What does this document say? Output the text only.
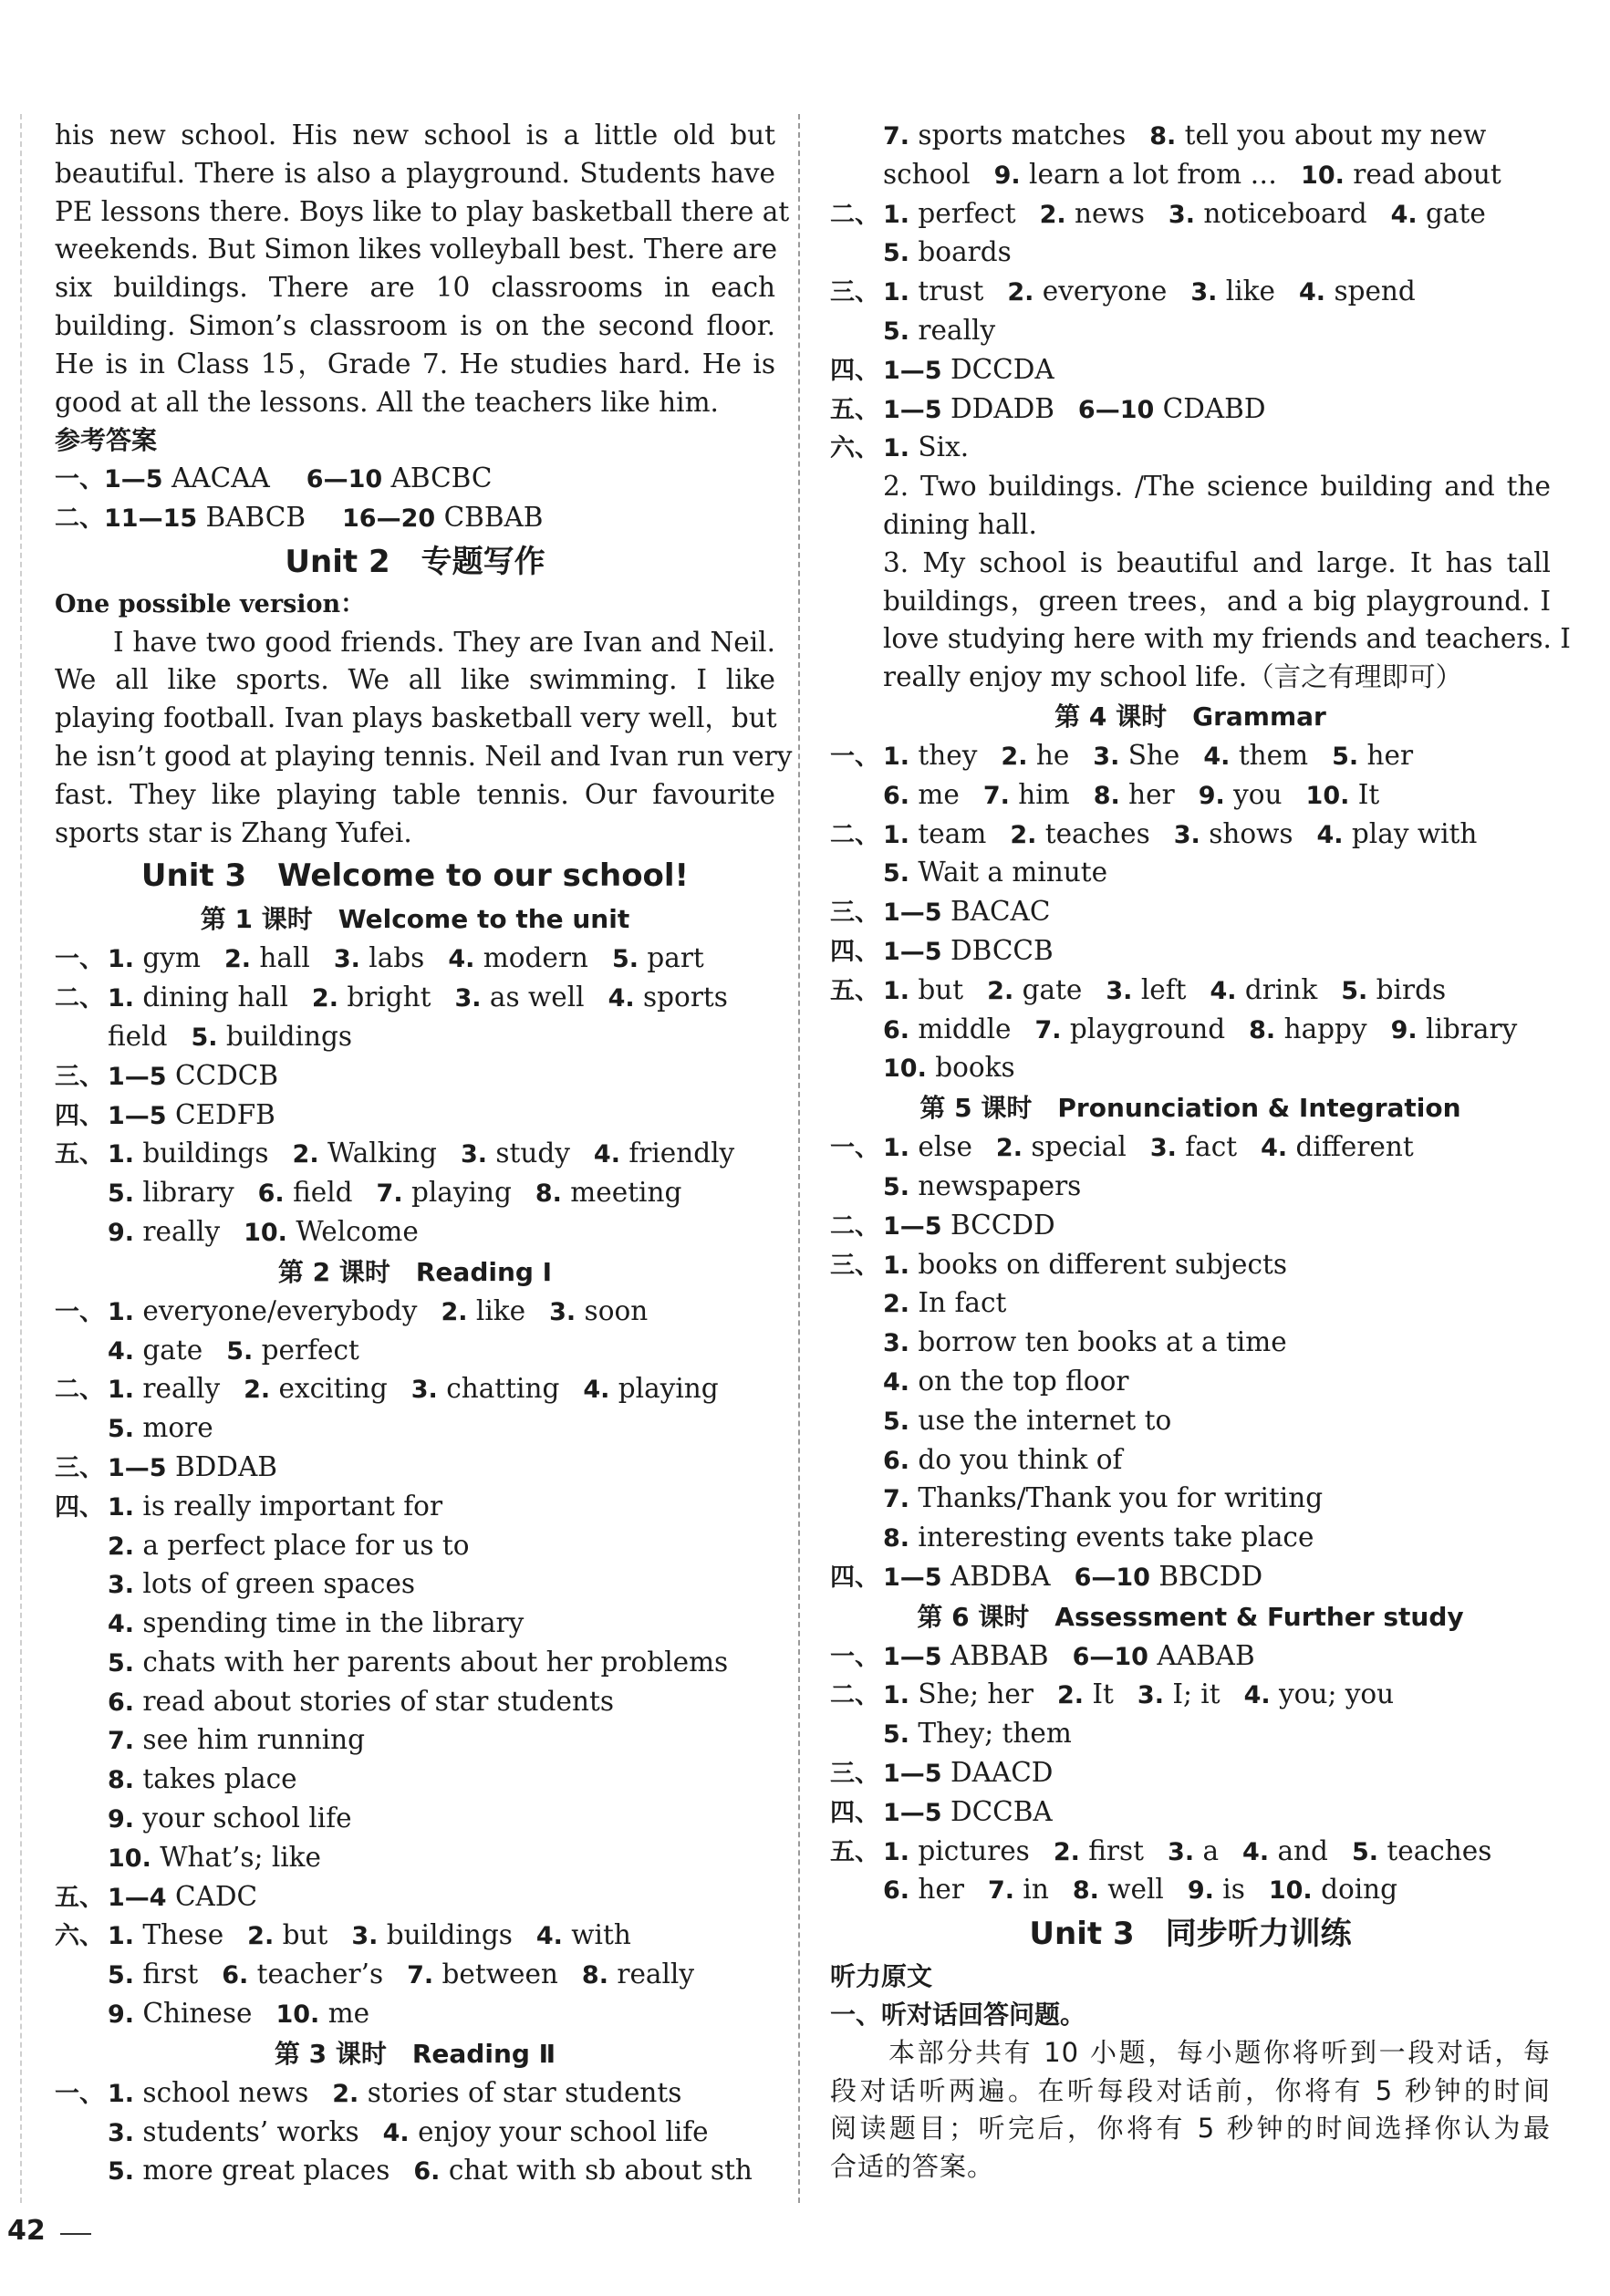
his new school. His new school is a little old but
beautiful. There is also a playground. Students have
PE lessons there. Boys like to play basketball there at
weekends. But Simon likes volleyball best. There are
six buildings. There are 10 classrooms in each
building. Simon’s classroom is on the second floor.
He is in Class 15，Grade 7. He studies hard. He is
good at all the lessons. All the teachers like him.
参考答案
一、1—5 AACAA 6—10 ABCBC
二、11—15 BABCB 16—20 CBBAB
Unit 2　专题写作
One possible version：
I have two good friends. They are Ivan and Neil.
We all like sports. We all like swimming. I like
playing football. Ivan plays basketball very well，but
he isn’t good at playing tennis. Neil and Ivan run very
fast. They like playing table tennis. Our favourite
sports star is Zhang Yufei.
Unit 3　Welcome to our school!
第 1 课时　Welcome to the unit
一、 1. gym 2. hall 3. labs 4. modern 5. part
二、 1. dining hall 2. bright 3. as well 4. sports
field 5. buildings
三、 1—5 CCDCB
四、 1—5 CEDFB
五、 1. buildings 2. Walking 3. study 4. friendly
5. library 6. field 7. playing 8. meeting
9. really 10. Welcome
第 2 课时　Reading Ⅰ
一、 1. everyone/everybody 2. like 3. soon
4. gate 5. perfect
二、 1. really 2. exciting 3. chatting 4. playing
5. more
三、 1—5 BDDAB
四、 1. is really important for
2. a perfect place for us to
3. lots of green spaces
4. spending time in the library
5. chats with her parents about her problems
6. read about stories of star students
7. see him running
8. takes place
9. your school life
10. What’s; like
五、 1—4 CADC
六、 1. These 2. but 3. buildings 4. with
5. first 6. teacher’s 7. between 8. really
9. Chinese 10. me
第 3 课时　Reading Ⅱ
一、 1. school news 2. stories of star students
3. students’ works 4. enjoy your school life
5. more great places 6. chat with sb about sth
7. sports matches 8. tell you about my new
school 9. learn a lot from … 10. read about
二、 1. perfect 2. news 3. noticeboard 4. gate
5. boards
三、 1. trust 2. everyone 3. like 4. spend
5. really
四、 1—5 DCCDA
五、 1—5 DDADB 6—10 CDABD
六、 1. Six.
2. Two buildings. /The science building and the
dining hall.
3. My school is beautiful and large. It has tall
buildings，green trees，and a big playground. I
love studying here with my friends and teachers. I
really enjoy my school life.（言之有理即可）
第 4 课时　Grammar
一、 1. they 2. he 3. She 4. them 5. her
6. me 7. him 8. her 9. you 10. It
二、 1. team 2. teaches 3. shows 4. play with
5. Wait a minute
三、 1—5 BACAC
四、 1—5 DBCCB
五、 1. but 2. gate 3. left 4. drink 5. birds
6. middle 7. playground 8. happy 9. library
10. books
第 5 课时　Pronunciation & Integration
一、 1. else 2. special 3. fact 4. different
5. newspapers
二、 1—5 BCCDD
三、 1. books on different subjects
2. In fact
3. borrow ten books at a time
4. on the top floor
5. use the internet to
6. do you think of
7. Thanks/Thank you for writing
8. interesting events take place
四、 1—5 ABDBA 6—10 BBCDD
第 6 课时　Assessment & Further study
一、 1—5 ABBAB 6—10 AABAB
二、 1. She; her 2. It 3. I; it 4. you; you
5. They; them
三、 1—5 DAACD
四、 1—5 DCCBA
五、 1. pictures 2. first 3. a 4. and 5. teaches
6. her 7. in 8. well 9. is 10. doing
Unit 3　同步听力训练
听力原文
一、听对话回答问题。
本部分共有 10 小题，每小题你将听到一段对话，每
段对话听两遍。在听每段对话前，你将有 5 秒钟的时间
阅读题目；听完后，你将有 5 秒钟的时间选择你认为最
合适的答案。
42
